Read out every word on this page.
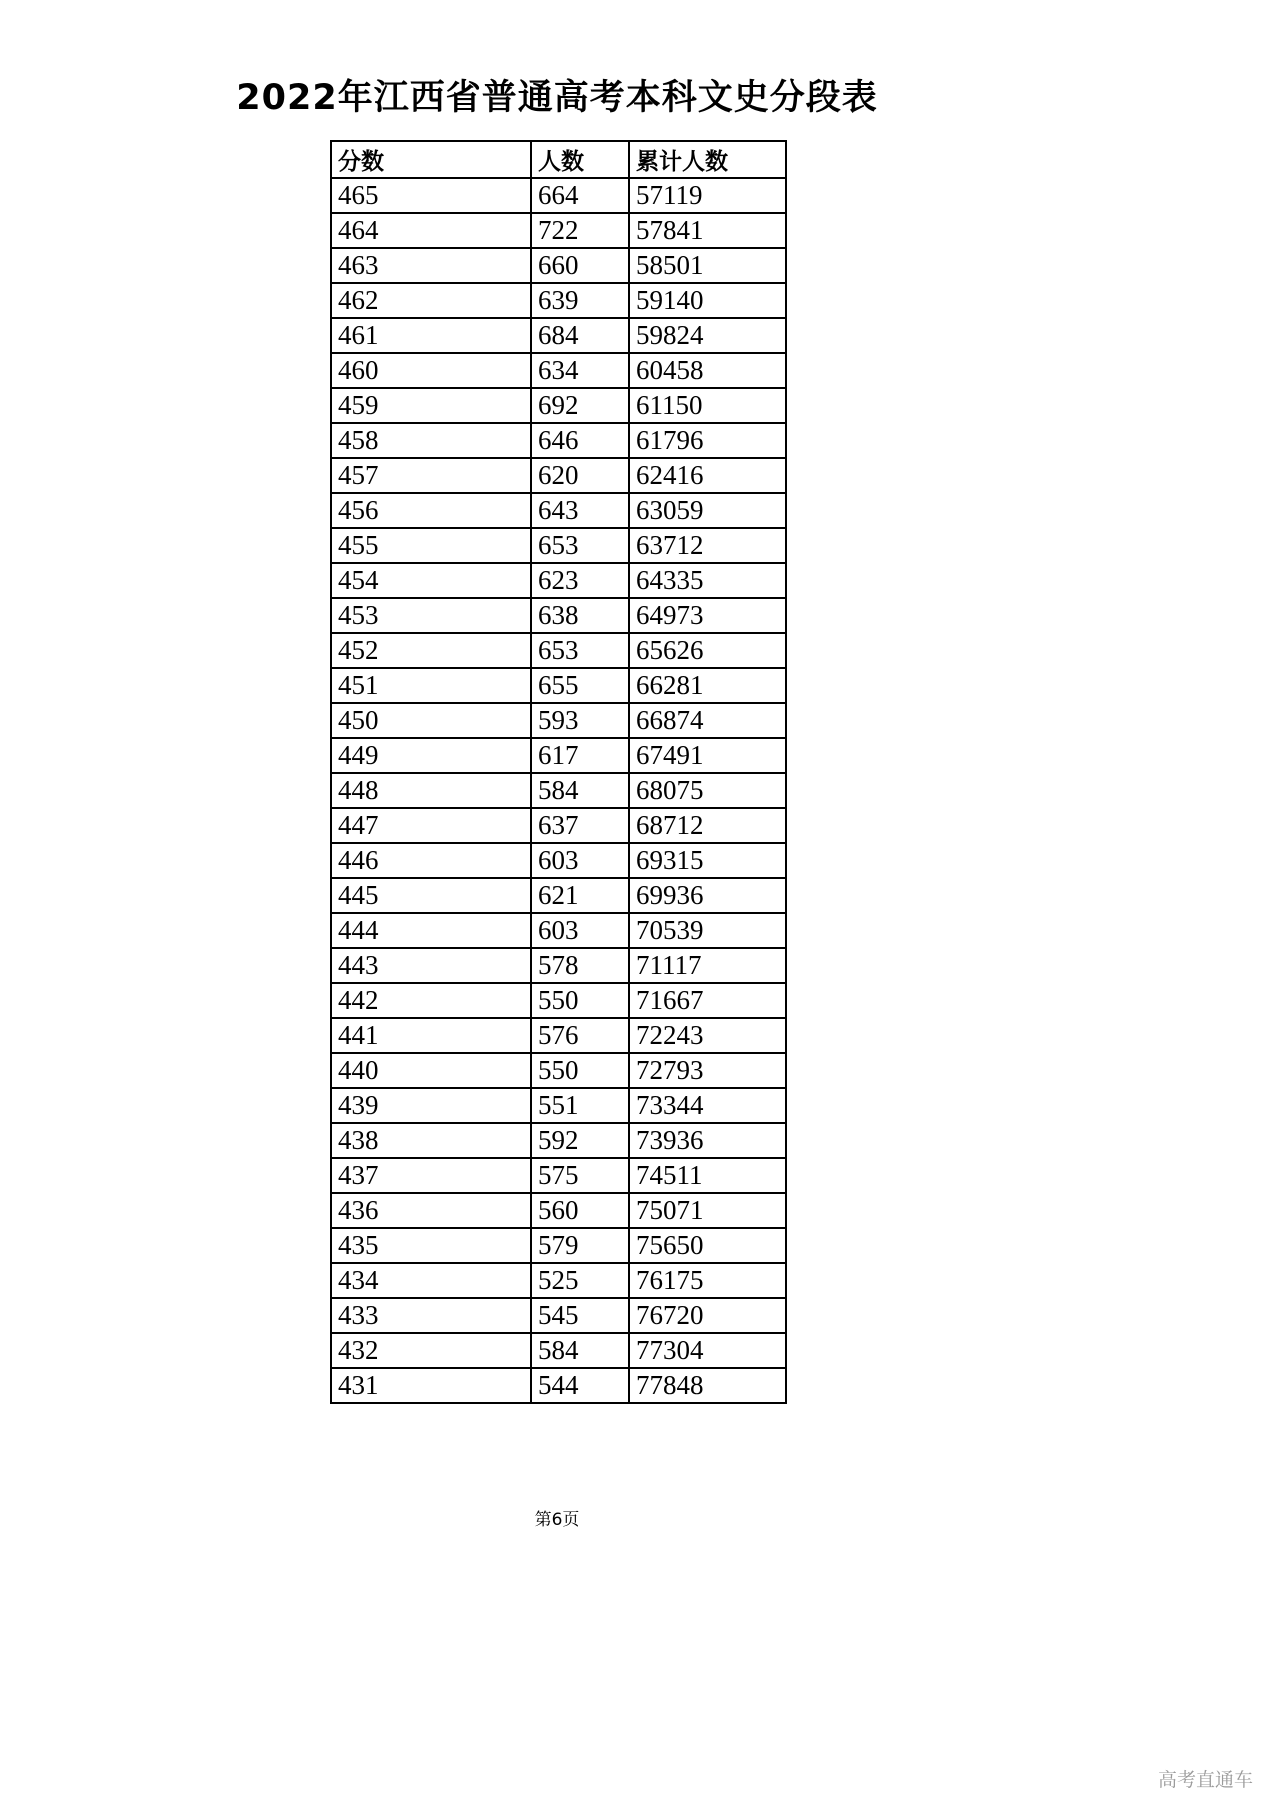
2022年江西省普通高考本科文史分段表
分数	人数	累计人数
465	664	57119
464	722	57841
463	660	58501
462	639	59140
461	684	59824
460	634	60458
459	692	61150
458	646	61796
457	620	62416
456	643	63059
455	653	63712
454	623	64335
453	638	64973
452	653	65626
451	655	66281
450	593	66874
449	617	67491
448	584	68075
447	637	68712
446	603	69315
445	621	69936
444	603	70539
443	578	71117
442	550	71667
441	576	72243
440	550	72793
439	551	73344
438	592	73936
437	575	74511
436	560	75071
435	579	75650
434	525	76175
433	545	76720
432	584	77304
431	544	77848
第6页
高考直通车
